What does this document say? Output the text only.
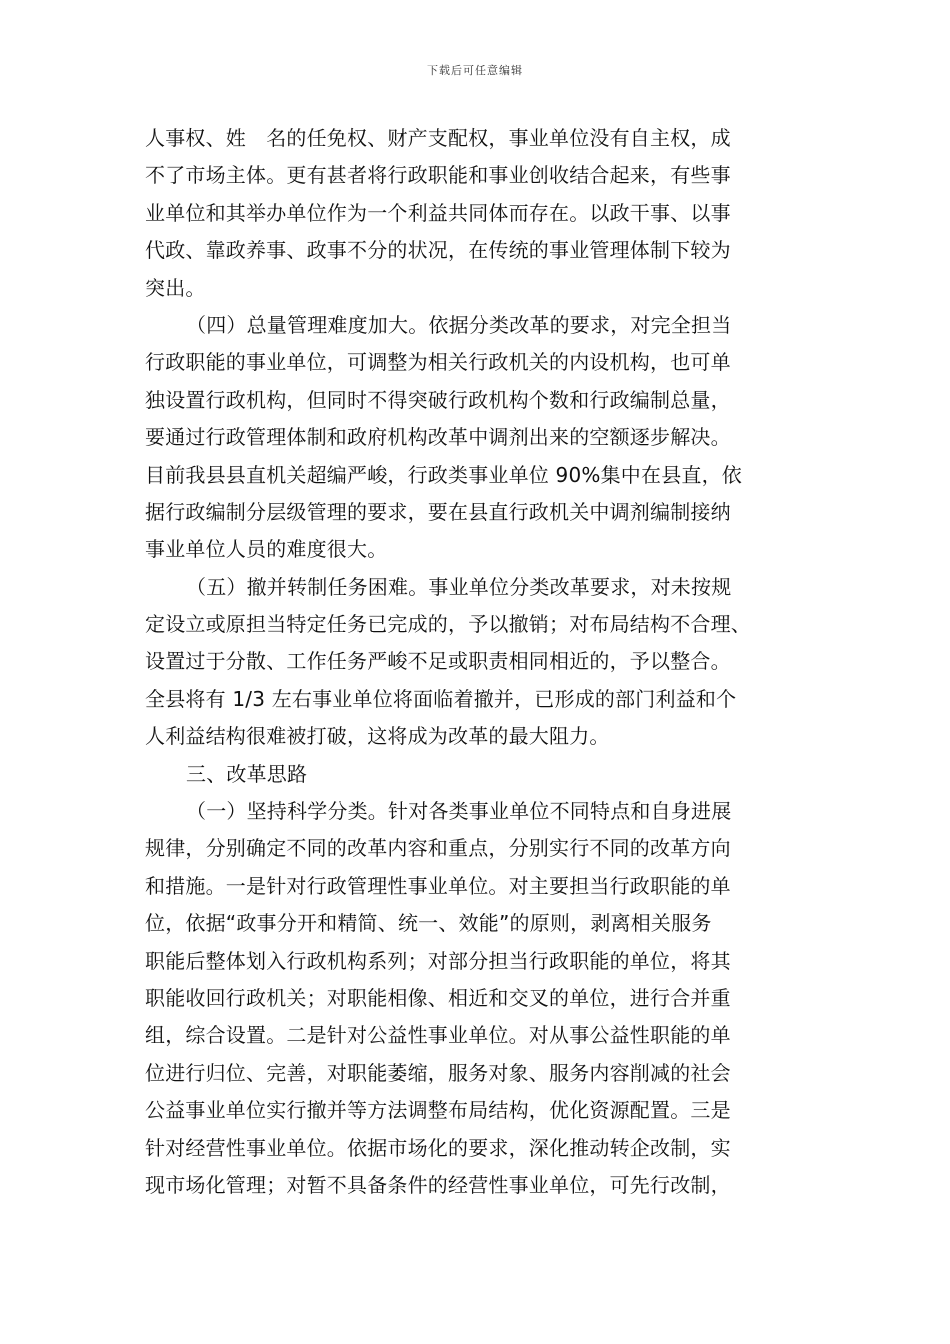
下载后可任意编辑
人事权、姓　名的任免权、财产支配权，事业单位没有自主权，成
不了市场主体。更有甚者将行政职能和事业创收结合起来，有些事
业单位和其举办单位作为一个利益共同体而存在。以政干事、以事
代政、靠政养事、政事不分的状况，在传统的事业管理体制下较为
突出。
（四）总量管理难度加大。依据分类改革的要求，对完全担当
行政职能的事业单位，可调整为相关行政机关的内设机构，也可单
独设置行政机构，但同时不得突破行政机构个数和行政编制总量，
要通过行政管理体制和政府机构改革中调剂出来的空额逐步解决。
目前我县县直机关超编严峻，行政类事业单位 90%集中在县直，依
据行政编制分层级管理的要求，要在县直行政机关中调剂编制接纳
事业单位人员的难度很大。
（五）撤并转制任务困难。事业单位分类改革要求，对未按规
定设立或原担当特定任务已完成的，予以撤销；对布局结构不合理、
设置过于分散、工作任务严峻不足或职责相同相近的，予以整合。
全县将有 1/3 左右事业单位将面临着撤并，已形成的部门利益和个
人利益结构很难被打破，这将成为改革的最大阻力。
三、改革思路
（一）坚持科学分类。针对各类事业单位不同特点和自身进展
规律，分别确定不同的改革内容和重点，分别实行不同的改革方向
和措施。一是针对行政管理性事业单位。对主要担当行政职能的单
位，依据“政事分开和精简、统一、效能”的原则，剥离相关服务
职能后整体划入行政机构系列；对部分担当行政职能的单位，将其
职能收回行政机关；对职能相像、相近和交叉的单位，进行合并重
组，综合设置。二是针对公益性事业单位。对从事公益性职能的单
位进行归位、完善，对职能萎缩，服务对象、服务内容削减的社会
公益事业单位实行撤并等方法调整布局结构，优化资源配置。三是
针对经营性事业单位。依据市场化的要求，深化推动转企改制，实
现市场化管理；对暂不具备条件的经营性事业单位，可先行改制，
